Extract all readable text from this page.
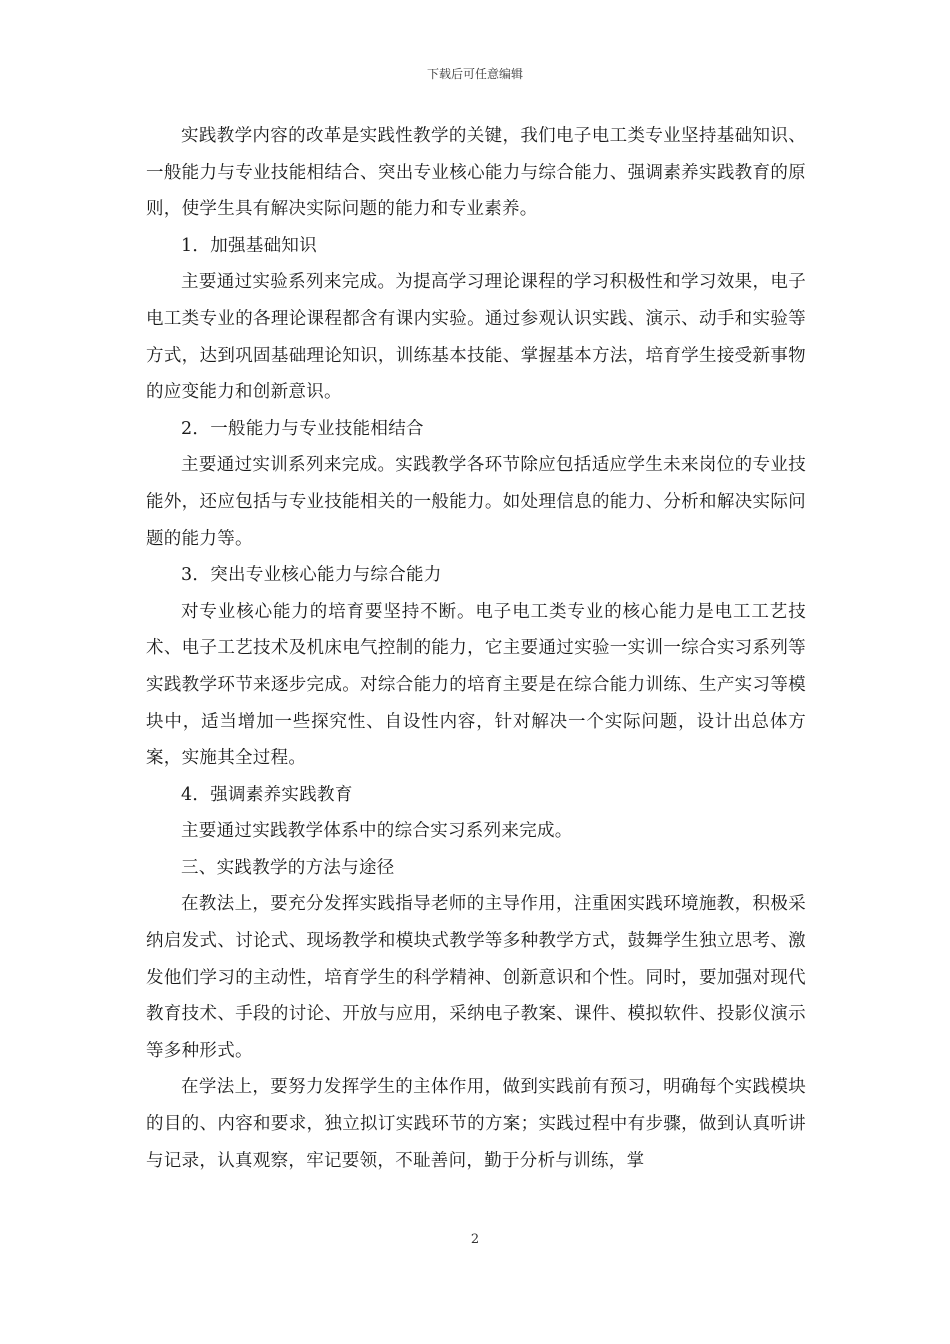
下载后可任意编辑

实践教学内容的改革是实践性教学的关键，我们电子电工类专业坚持基础知识、一般能力与专业技能相结合、突出专业核心能力与综合能力、强调素养实践教育的原则，使学生具有解决实际问题的能力和专业素养。

1．加强基础知识

主要通过实验系列来完成。为提高学习理论课程的学习积极性和学习效果，电子电工类专业的各理论课程都含有课内实验。通过参观认识实践、演示、动手和实验等方式，达到巩固基础理论知识，训练基本技能、掌握基本方法，培育学生接受新事物的应变能力和创新意识。

2．一般能力与专业技能相结合

主要通过实训系列来完成。实践教学各环节除应包括适应学生未来岗位的专业技能外，还应包括与专业技能相关的一般能力。如处理信息的能力、分析和解决实际问题的能力等。

3．突出专业核心能力与综合能力

对专业核心能力的培育要坚持不断。电子电工类专业的核心能力是电工工艺技术、电子工艺技术及机床电气控制的能力，它主要通过实验一实训一综合实习系列等实践教学环节来逐步完成。对综合能力的培育主要是在综合能力训练、生产实习等模块中，适当增加一些探究性、自设性内容，针对解决一个实际问题，设计出总体方案，实施其全过程。

4．强调素养实践教育

主要通过实践教学体系中的综合实习系列来完成。

三、实践教学的方法与途径

在教法上，要充分发挥实践指导老师的主导作用，注重困实践环境施教，积极采纳启发式、讨论式、现场教学和模块式教学等多种教学方式，鼓舞学生独立思考、激发他们学习的主动性，培育学生的科学精神、创新意识和个性。同时，要加强对现代教育技术、手段的讨论、开放与应用，采纳电子教案、课件、模拟软件、投影仪演示等多种形式。

在学法上，要努力发挥学生的主体作用，做到实践前有预习，明确每个实践模块的目的、内容和要求，独立拟订实践环节的方案；实践过程中有步骤，做到认真听讲与记录，认真观察，牢记要领，不耻善问，勤于分析与训练，掌

2
